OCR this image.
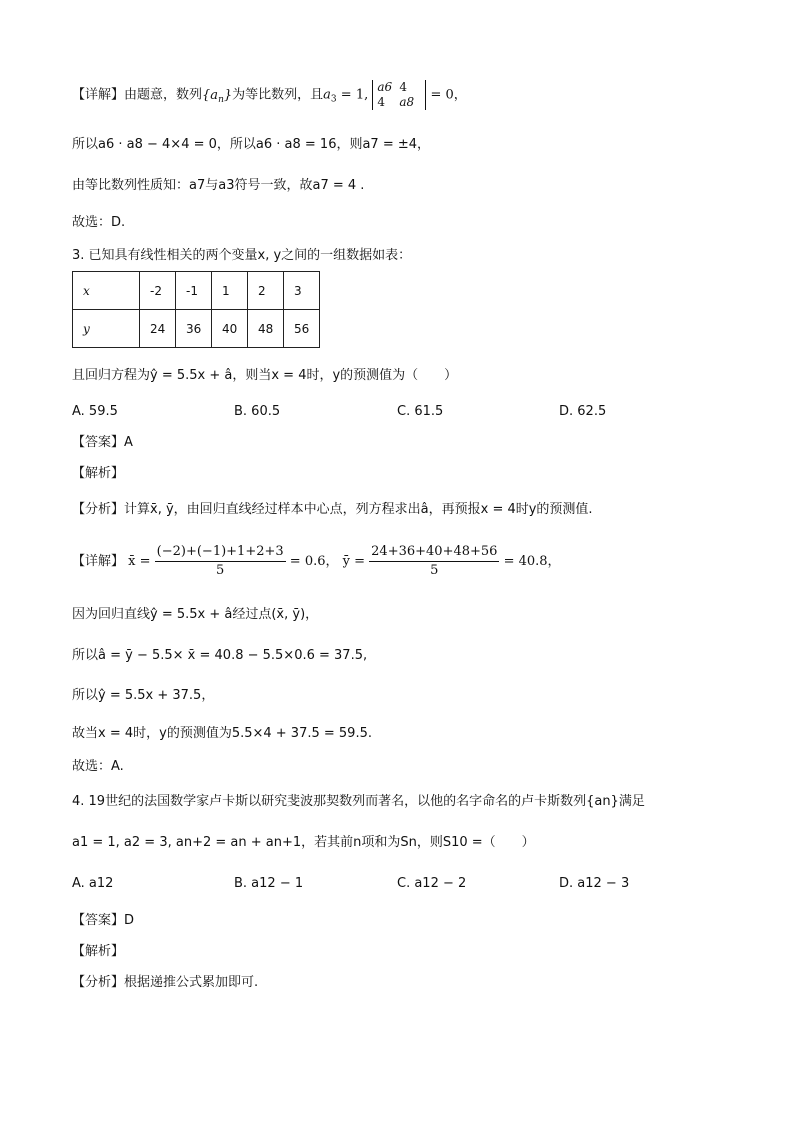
【详解】由题意，数列$\{a_n\}$为等比数列，且$a_3 = 1$, a6 4
4 a8 = 0，
所以a6 · a8 − 4×4 = 0，所以a6 · a8 = 16，则a7 = ±4，
由等比数列性质知：a7与a3符号一致，故a7 = 4 .
故选：D.
3. 已知具有线性相关的两个变量x, y之间的一组数据如表：
x	-2	-1	1	2	3
y	24	36	40	48	56
且回归方程为ŷ = 5.5x + â，则当x = 4时，y的预测值为（　　）
A. 59.5	B. 60.5	C. 61.5	D. 62.5
【答案】A
【解析】
【分析】计算x̄, ȳ，由回归直线经过样本中心点，列方程求出â，再预报x = 4时y的预测值.
【详解】 x̄ = $\frac{(-2)+(-1)+1+2+3}{5} = 0.6$， ȳ = $\frac{24+36+40+48+56}{5} = 40.8$，
因为回归直线ŷ = 5.5x + â经过点(x̄, ȳ)，
所以â = ȳ − 5.5× x̄ = 40.8 − 5.5×0.6 = 37.5,
所以ŷ = 5.5x + 37.5，
故当x = 4时，y的预测值为5.5×4 + 37.5 = 59.5.
故选：A.
4. 19世纪的法国数学家卢卡斯以研究斐波那契数列而著名，以他的名字命名的卢卡斯数列{an}满足
a1 = 1, a2 = 3, an+2 = an + an+1，若其前n项和为Sn，则S10 =（　　）
A. a12	B. a12 − 1	C. a12 − 2	D. a12 − 3
【答案】D
【解析】
【分析】根据递推公式累加即可.
